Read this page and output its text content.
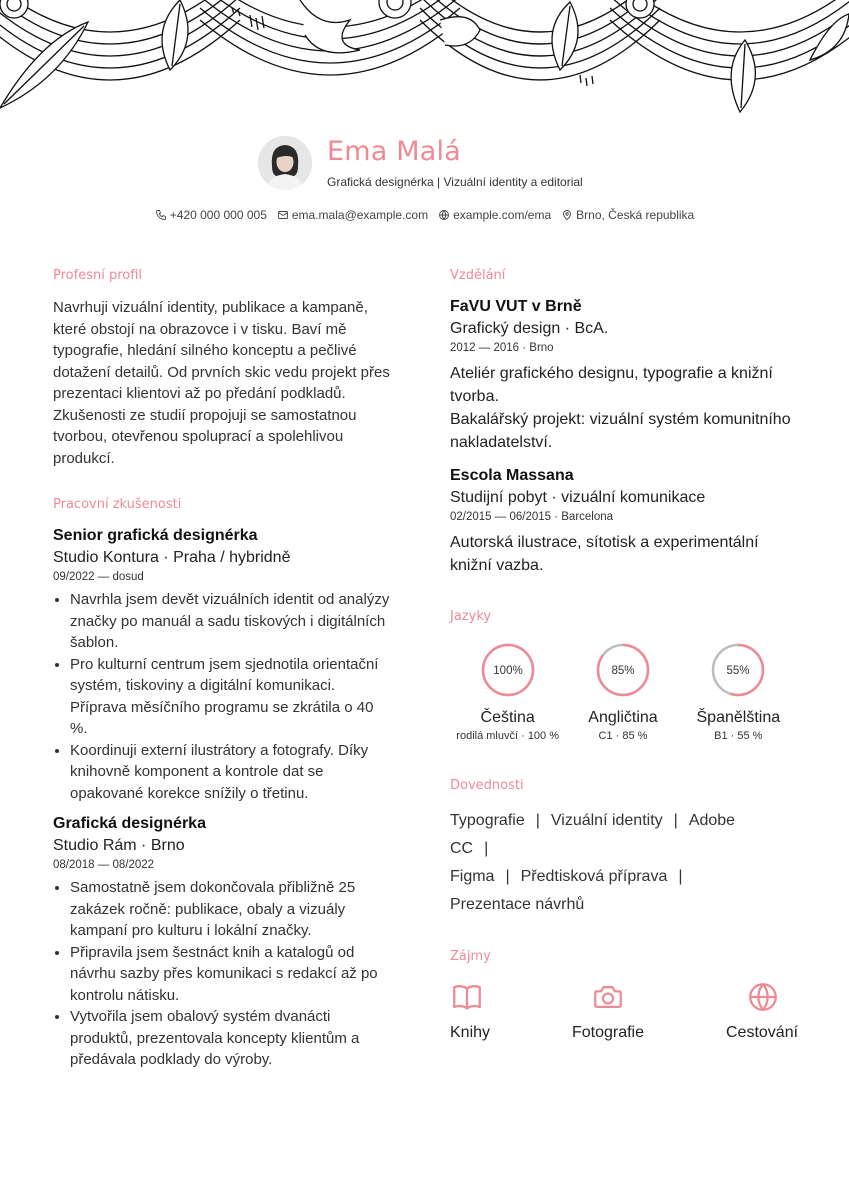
Ema Malá
Grafická designérka | Vizuální identity a editorial
+420 000 000 005 ema.mala@example.com example.com/ema Brno, Česká republika
Profesní profil

Navrhuji vizuální identity, publikace a kampaně, které obstojí na obrazovce i v tisku. Baví mě typografie, hledání silného konceptu a pečlivé dotažení detailů. Od prvních skic vedu projekt přes prezentaci klientovi až po předání podkladů. Zkušenosti ze studií propojuji se samostatnou tvorbou, otevřenou spoluprací a spolehlivou produkcí.

Pracovní zkušenosti
Senior grafická designérka
Studio Kontura · Praha / hybridně
09/2022 — dosud
• Navrhla jsem devět vizuálních identit od analýzy značky po manuál a sadu tiskových i digitálních šablon.
• Pro kulturní centrum jsem sjednotila orientační systém, tiskoviny a digitální komunikaci. Příprava měsíčního programu se zkrátila o 40 %.
• Koordinuji externí ilustrátory a fotografy. Díky knihovně komponent a kontrole dat se opakované korekce snížily o třetinu.
Grafická designérka
Studio Rám · Brno
08/2018 — 08/2022
• Samostatně jsem dokončovala přibližně 25 zakázek ročně: publikace, obaly a vizuály kampaní pro kulturu i lokální značky.
• Připravila jsem šestnáct knih a katalogů od návrhu sazby přes komunikaci s redakcí až po kontrolu nátisku.
• Vytvořila jsem obalový systém dvanácti produktů, prezentovala koncepty klientům a předávala podklady do výroby.
Vzdělání
FaVU VUT v Brně
Grafický design · BcA.
2012 — 2016 · Brno
Ateliér grafického designu, typografie a knižní tvorba.
Bakalářský projekt: vizuální systém komunitního nakladatelství.
Escola Massana
Studijní pobyt · vizuální komunikace
02/2015 — 06/2015 · Barcelona
Autorská ilustrace, sítotisk a experimentální knižní vazba.
Jazyky
100%
Čeština
rodilá mluvčí · 100 %
85%
Angličtina
C1 · 85 %
55%
Španělština
B1 · 55 %
Dovednosti
Typografie | Vizuální identity | Adobe CC |
Figma | Předtisková příprava |
Prezentace návrhů
Zájmy
Knihy	Fotografie	Cestování
